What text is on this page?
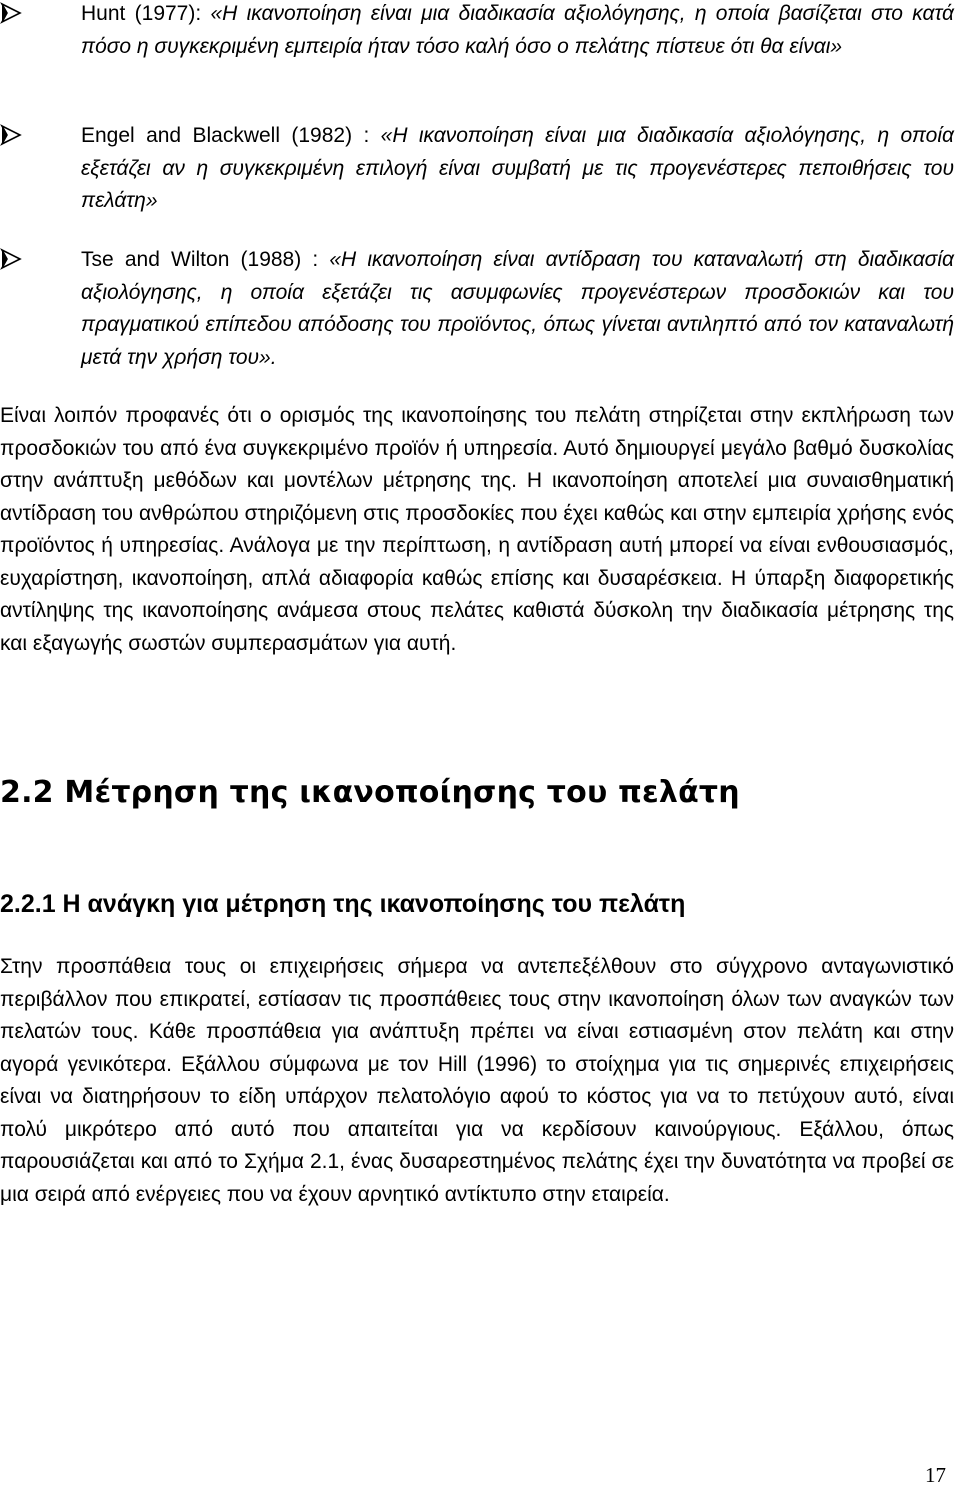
Hunt (1977): «Η ικανοποίηση είναι μια διαδικασία αξιολόγησης, η οποία βασίζεται στο κατά πόσο η συγκεκριμένη εμπειρία ήταν τόσο καλή όσο ο πελάτης πίστευε ότι θα είναι»
Engel and Blackwell (1982) : «Η ικανοποίηση είναι μια διαδικασία αξιολόγησης, η οποία εξετάζει αν η συγκεκριμένη επιλογή είναι συμβατή με τις προγενέστερες πεποιθήσεις του πελάτη»
Tse and Wilton (1988) : «Η ικανοποίηση είναι αντίδραση του καταναλωτή στη διαδικασία αξιολόγησης, η οποία εξετάζει τις ασυμφωνίες προγενέστερων προσδοκιών και του πραγματικού επίπεδου απόδοσης του προϊόντος, όπως γίνεται αντιληπτό από τον καταναλωτή μετά την χρήση του».

Είναι λοιπόν προφανές ότι ο ορισμός της ικανοποίησης του πελάτη στηρίζεται στην εκπλήρωση των προσδοκιών του από ένα συγκεκριμένο προϊόν ή υπηρεσία. Αυτό δημιουργεί μεγάλο βαθμό δυσκολίας στην ανάπτυξη μεθόδων και μοντέλων μέτρησης της. Η ικανοποίηση αποτελεί μια συναισθηματική αντίδραση του ανθρώπου στηριζόμενη στις προσδοκίες που έχει καθώς και στην εμπειρία χρήσης ενός προϊόντος ή υπηρεσίας. Ανάλογα με την περίπτωση, η αντίδραση αυτή μπορεί να είναι ενθουσιασμός, ευχαρίστηση, ικανοποίηση, απλά αδιαφορία καθώς επίσης και δυσαρέσκεια. Η ύπαρξη διαφορετικής αντίληψης της ικανοποίησης ανάμεσα στους πελάτες καθιστά δύσκολη την διαδικασία μέτρησης της και εξαγωγής σωστών συμπερασμάτων για αυτή.

2.2 Μέτρηση της ικανοποίησης του πελάτη
2.2.1 Η ανάγκη για μέτρηση της ικανοποίησης του πελάτη

Στην προσπάθεια τους οι επιχειρήσεις σήμερα να αντεπεξέλθουν στο σύγχρονο ανταγωνιστικό περιβάλλον που επικρατεί, εστίασαν τις προσπάθειες τους στην ικανοποίηση όλων των αναγκών των πελατών τους. Κάθε προσπάθεια για ανάπτυξη πρέπει να είναι εστιασμένη στον πελάτη και στην αγορά γενικότερα. Εξάλλου σύμφωνα με τον Hill (1996) το στοίχημα για τις σημερινές επιχειρήσεις είναι να διατηρήσουν το είδη υπάρχον πελατολόγιο αφού το κόστος για να το πετύχουν αυτό, είναι πολύ μικρότερο από αυτό που απαιτείται για να κερδίσουν καινούργιους. Εξάλλου, όπως παρουσιάζεται και από το Σχήμα 2.1, ένας δυσαρεστημένος πελάτης έχει την δυνατότητα να προβεί σε μια σειρά από ενέργειες που να έχουν αρνητικό αντίκτυπο στην εταιρεία.

17
